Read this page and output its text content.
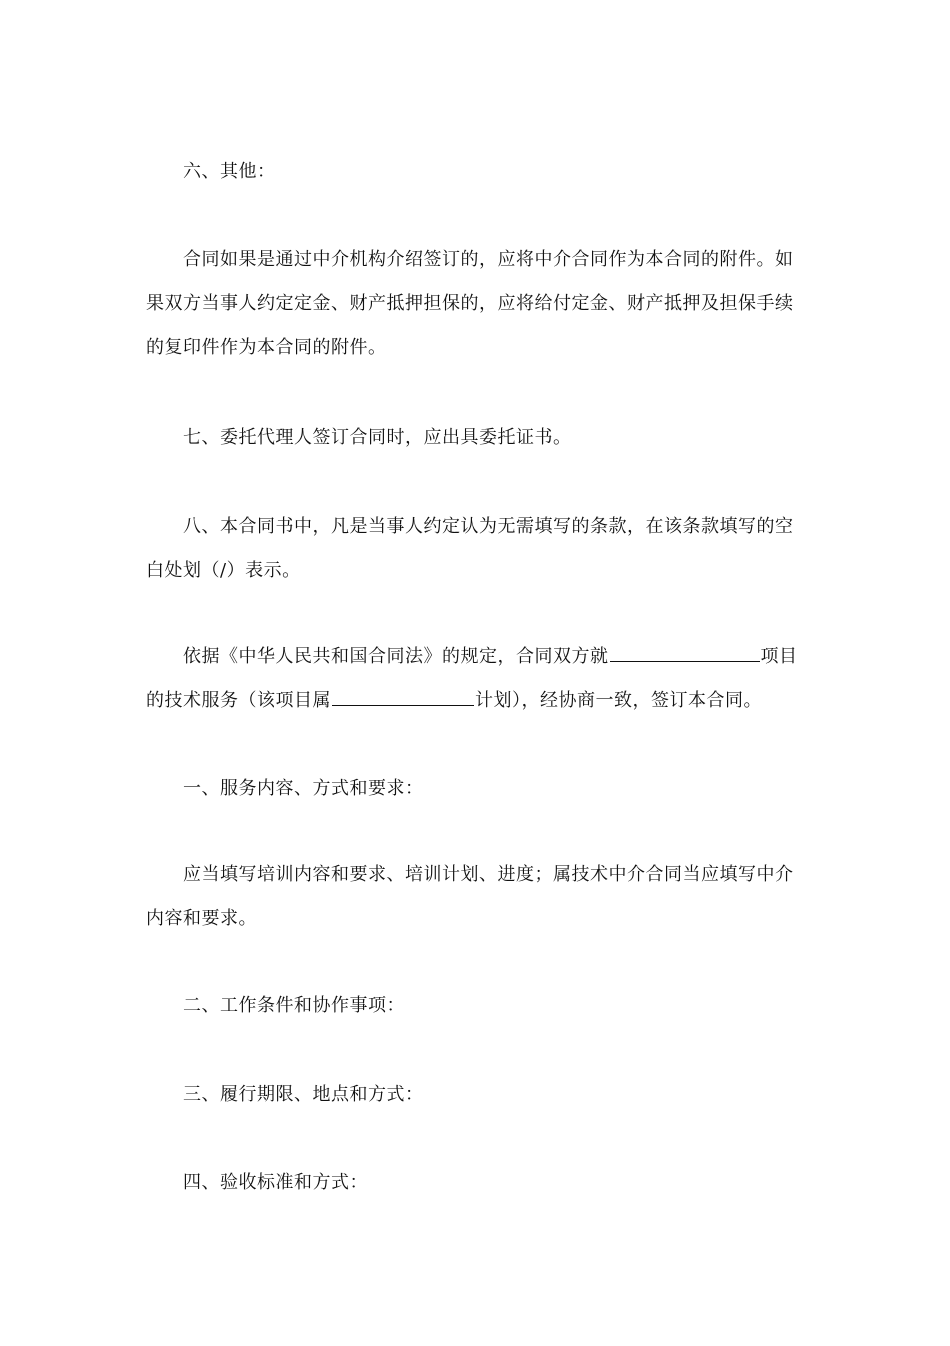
六、其他：

合同如果是通过中介机构介绍签订的，应将中介合同作为本合同的附件。如果双方当事人约定定金、财产抵押担保的，应将给付定金、财产抵押及担保手续的复印件作为本合同的附件。

七、委托代理人签订合同时，应出具委托证书。

八、本合同书中，凡是当事人约定认为无需填写的条款，在该条款填写的空白处划（/）表示。

依据《中华人民共和国合同法》的规定，合同双方就	项目的技术服务（该项目属	计划），经协商一致，签订本合同。

一、服务内容、方式和要求：

应当填写培训内容和要求、培训计划、进度；属技术中介合同当应填写中介内容和要求。

二、工作条件和协作事项：

三、履行期限、地点和方式：

四、验收标准和方式：
